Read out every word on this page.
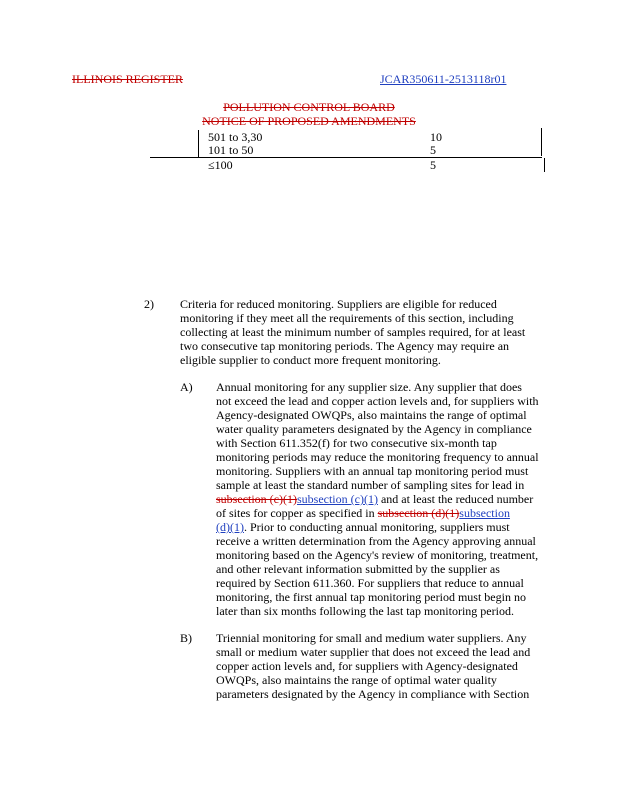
ILLINOIS REGISTER	JCAR350611-2513118r01
POLLUTION CONTROL BOARD
NOTICE OF PROPOSED AMENDMENTS
501 to 3,30	10
101 to 50	5
≤100	5
2) Criteria for reduced monitoring. Suppliers are eligible for reduced

monitoring if they meet all the requirements of this section, including

collecting at least the minimum number of samples required, for at least

two consecutive tap monitoring periods. The Agency may require an

eligible supplier to conduct more frequent monitoring.

A) Annual monitoring for any supplier size. Any supplier that does

not exceed the lead and copper action levels and, for suppliers with

Agency-designated OWQPs, also maintains the range of optimal

water quality parameters designated by the Agency in compliance

with Section 611.352(f) for two consecutive six-month tap

monitoring periods may reduce the monitoring frequency to annual

monitoring. Suppliers with an annual tap monitoring period must

sample at least the standard number of sampling sites for lead in

subsection (c)(1)subsection (c)(1) and at least the reduced number

of sites for copper as specified in subsection (d)(1)subsection

(d)(1). Prior to conducting annual monitoring, suppliers must

receive a written determination from the Agency approving annual

monitoring based on the Agency's review of monitoring, treatment,

and other relevant information submitted by the supplier as

required by Section 611.360. For suppliers that reduce to annual

monitoring, the first annual tap monitoring period must begin no

later than six months following the last tap monitoring period.

B) Triennial monitoring for small and medium water suppliers. Any

small or medium water supplier that does not exceed the lead and

copper action levels and, for suppliers with Agency-designated

OWQPs, also maintains the range of optimal water quality

parameters designated by the Agency in compliance with Section
